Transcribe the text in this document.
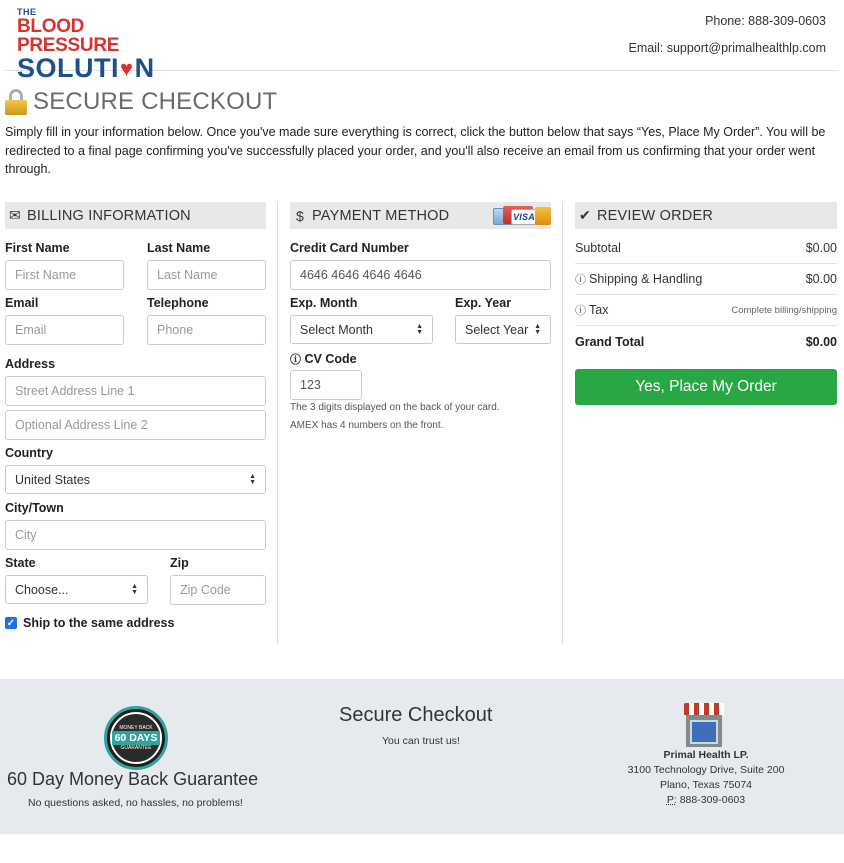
THE
BLOOD PRESSURE
SOLUTI ♥ N
Phone: 888-309-0603
Email: support@primalhealthlp.com
SECURE CHECKOUT
Simply fill in your information below. Once you've made sure everything is correct, click the button below that says “Yes, Place My Order”. You will be redirected to a final page confirming you've successfully placed your order, and you'll also receive an email from us confirming that your order went through.
✉ BILLING INFORMATION
First Name
First Name
Last Name
Last Name
Email
Email
Telephone
Phone
Address
Street Address Line 1
Optional Address Line 2
Country
United States	▲
▼
City/Town
City
State
Choose...	▲
▼
Zip
Zip Code
✓ Ship to the same address
$ PAYMENT METHOD	VISA
Credit Card Number
4646 4646 4646 4646
Exp. Month
Select Month	▲
▼
Exp. Year
Select Year ▲
▼
ⓘ CV Code
123
The 3 digits displayed on the back of your card.
AMEX has 4 numbers on the front.
✔ REVIEW ORDER
Subtotal	$0.00
ⓘ Shipping & Handling	$0.00
ⓘ Tax	Complete billing/shipping
Grand Total	$0.00
Yes, Place My Order
MONEY BACK
60 DAYS
GUARANTEE
60 Day Money Back Guarantee
No questions asked, no hassles, no problems!
Secure Checkout
You can trust us!
Primal Health LP.
3100 Technology Drive, Suite 200
Plano, Texas 75074
P: 888-309-0603
